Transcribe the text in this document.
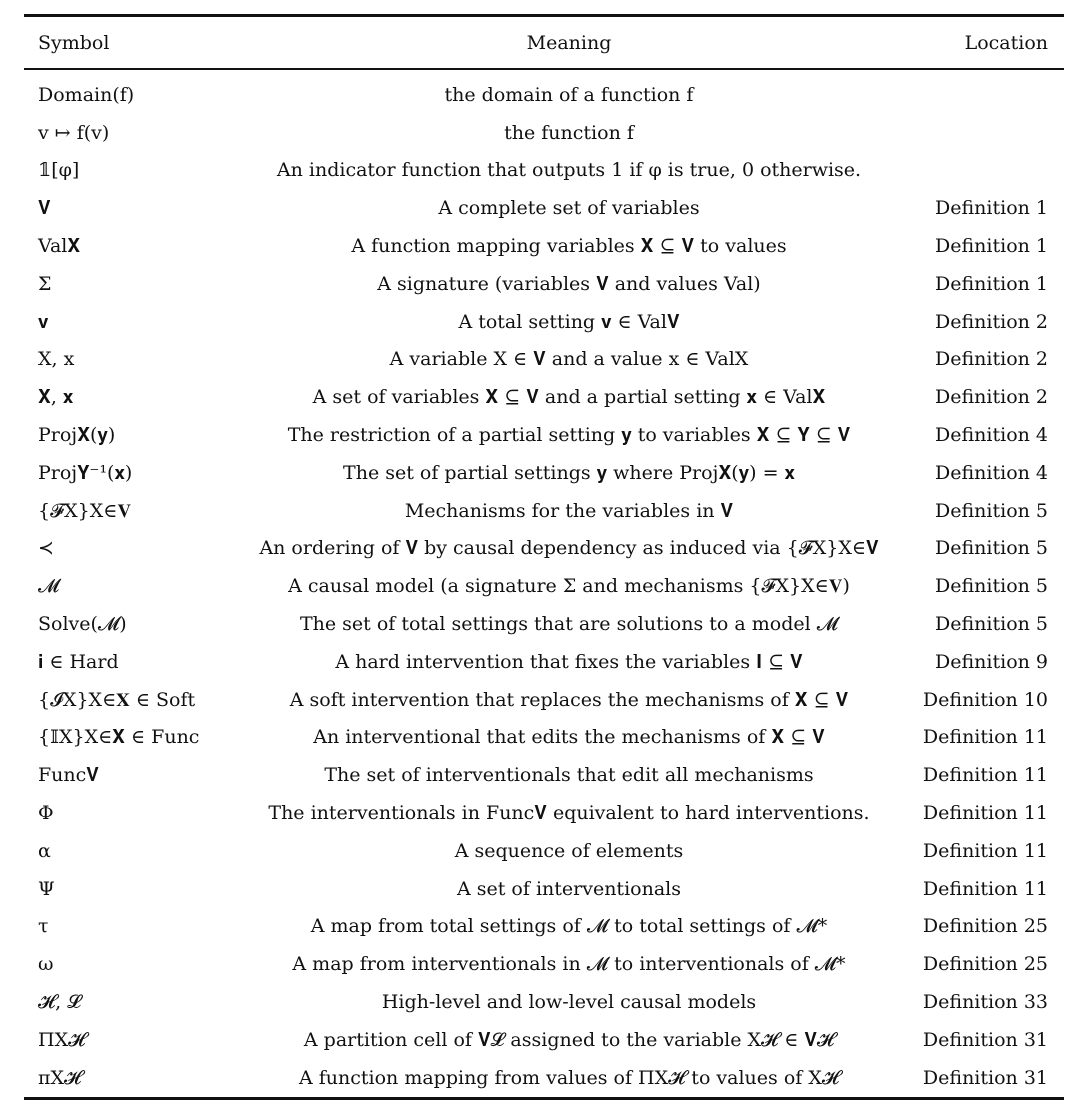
Symbol	Meaning	Location
Domain(f)	the domain of a function f	
v ↦ f(v)	the function f	
𝟙[φ]	An indicator function that outputs 1 if φ is true, 0 otherwise.	
𝐕	A complete set of variables	Definition 1
Val𝐗	A function mapping variables 𝐗 ⊆ 𝐕 to values	Definition 1
Σ	A signature (variables 𝐕 and values Val)	Definition 1
𝐯	A total setting 𝐯 ∈ Val𝐕	Definition 2
X, x	A variable X ∈ 𝐕 and a value x ∈ ValX	Definition 2
𝐗, 𝐱	A set of variables 𝐗 ⊆ 𝐕 and a partial setting 𝐱 ∈ Val𝐗	Definition 2
Proj𝐗(𝐲)	The restriction of a partial setting 𝐲 to variables 𝐗 ⊆ 𝐘 ⊆ 𝐕	Definition 4
Proj𝐘⁻¹(𝐱)	The set of partial settings 𝐲 where Proj𝐗(𝐲) = 𝐱	Definition 4
{𝓕X}X∈𝐕	Mechanisms for the variables in 𝐕	Definition 5
≺	An ordering of 𝐕 by causal dependency as induced via {𝓕X}X∈𝐕	Definition 5
𝓜	A causal model (a signature Σ and mechanisms {𝓕X}X∈𝐕)	Definition 5
Solve(𝓜)	The set of total settings that are solutions to a model 𝓜	Definition 5
𝐢 ∈ Hard	A hard intervention that fixes the variables 𝐈 ⊆ 𝐕	Definition 9
{𝓘X}X∈𝐗 ∈ Soft	A soft intervention that replaces the mechanisms of 𝐗 ⊆ 𝐕	Definition 10
{𝕀X}X∈𝐗 ∈ Func	An interventional that edits the mechanisms of 𝐗 ⊆ 𝐕	Definition 11
Func𝐕	The set of interventionals that edit all mechanisms	Definition 11
Φ	The interventionals in Func𝐕 equivalent to hard interventions.	Definition 11
α	A sequence of elements	Definition 11
Ψ	A set of interventionals	Definition 11
τ	A map from total settings of 𝓜 to total settings of 𝓜*	Definition 25
ω	A map from interventionals in 𝓜 to interventionals of 𝓜*	Definition 25
𝓗, 𝓛	High-level and low-level causal models	Definition 33
ΠX𝓗	A partition cell of 𝐕𝓛 assigned to the variable X𝓗 ∈ 𝐕𝓗	Definition 31
πX𝓗	A function mapping from values of ΠX𝓗 to values of X𝓗	Definition 31
